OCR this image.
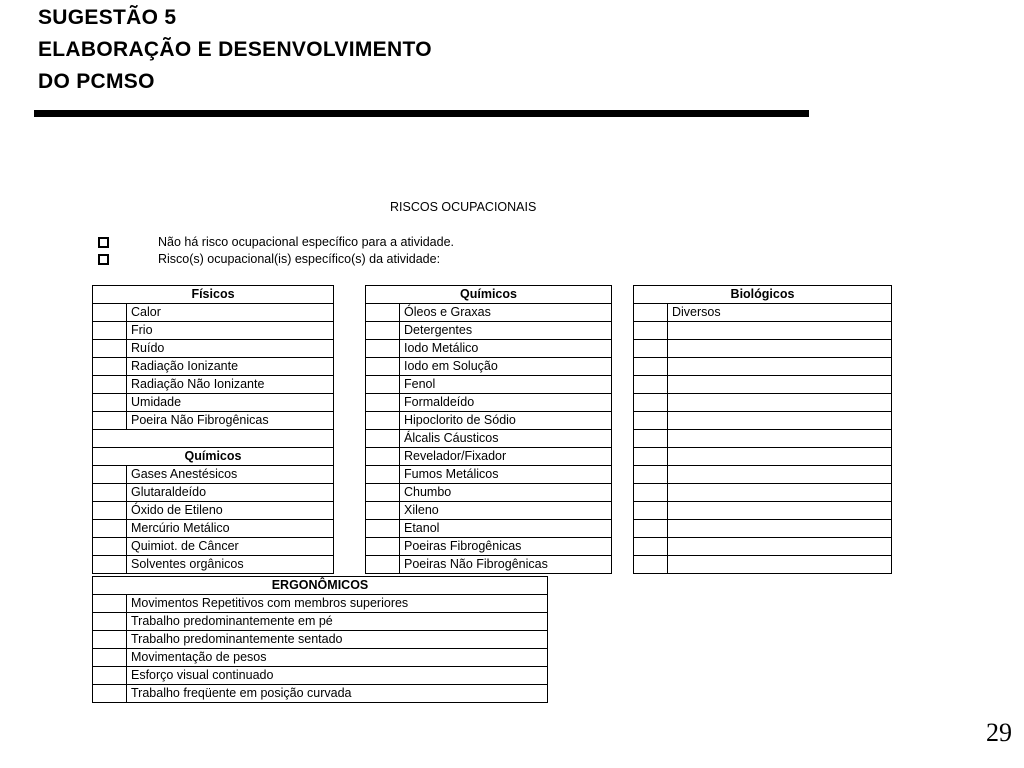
SUGESTÃO 5
ELABORAÇÃO E DESENVOLVIMENTO
DO PCMSO
RISCOS OCUPACIONAIS
Não há risco ocupacional específico para a atividade.
Risco(s) ocupacional(is) específico(s) da atividade:
Físicos	
	Calor
	Frio
	Ruído
	Radiação Ionizante
	Radiação Não Ionizante
	Umidade
	Poeira Não Fibrogênicas

Químicos	
	Gases Anestésicos
	Glutaraldeído
	Óxido de Etileno
	Mercúrio Metálico
	Quimiot. de Câncer
	Solventes orgânicos
Químicos	
	Óleos e Graxas
	Detergentes
	Iodo Metálico
	Iodo em Solução
	Fenol
	Formaldeído
	Hipoclorito de Sódio
	Álcalis Cáusticos
	Revelador/Fixador
	Fumos Metálicos
	Chumbo
	Xileno
	Etanol
	Poeiras Fibrogênicas
	Poeiras Não Fibrogênicas
Biológicos	
	Diversos

ERGONÔMICOS	
	Movimentos Repetitivos com membros superiores
	Trabalho predominantemente em pé
	Trabalho predominantemente sentado
	Movimentação de pesos
	Esforço visual continuado
	Trabalho freqüente em posição curvada
29
